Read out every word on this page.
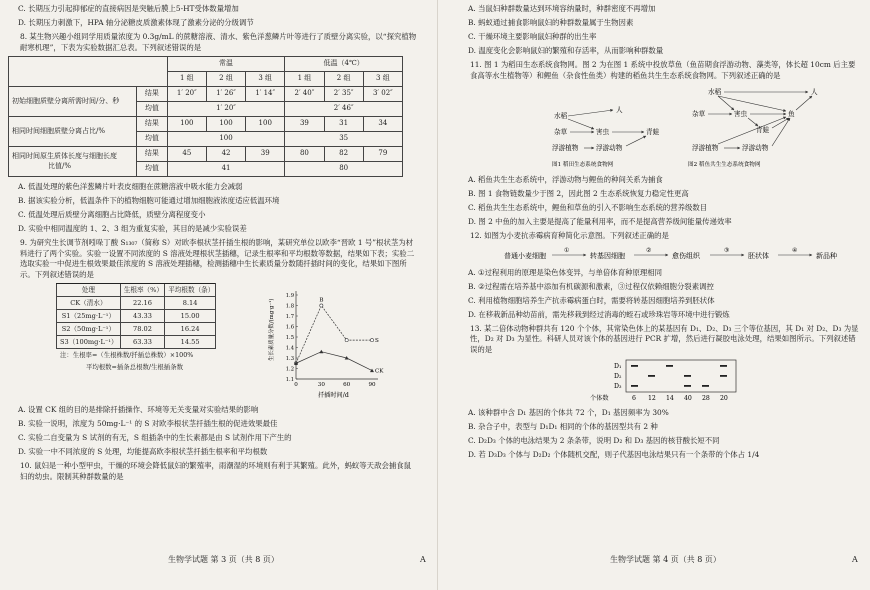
C. 长期压力引起抑郁症的直接病因是突触后膜上5-HT受体数量增加

D. 长期压力刺激下，HPA 轴分泌糖皮质激素体现了激素分泌的分级调节

8. 某生物兴趣小组同学用质量浓度为 0.3g/mL 的蔗糖溶液、清水、紫色洋葱鳞片叶等进行了质壁分离实验，以“探究植物耐寒机理”，下表为实验数据汇总表。下列叙述错误的是

		常温			低温（4℃）		
		1 组	2 组	3 组	1 组	2 组	3 组
初始细胞质壁分离所需时间/分、秒	结果	1′ 20″	1′ 26″	1′ 14″	2′ 40″	2′ 35″	3′ 02″
	均值	1′ 20″			2′ 46″		
相同时间细胞质壁分离占比/%	结果	100	100	100	39	31	34
	均值	100			35		
相同时间原生质体长度与细胞长度
比值/%	结果	45	42	39	80	82	79
	均值	41			80		

A. 低温处理的紫色洋葱鳞片叶表皮细胞在蔗糖溶液中吸水能力会减弱

B. 据该实验分析，低温条件下的植物细胞可能通过增加细胞液浓度适应低温环境

C. 低温处理后质壁分离细胞占比降低，质壁分离程度变小

D. 实验中相同温度的 1、2、3 组为重复实验，其目的是减少实验误差

9. 为研究生长调节剂吲哚丁酸 S₁₃₀₇（简称 S）对欧李根状茎扦插生根的影响，某研究单位以欧李“晋欧 1 号”根状茎为材料进行了两个实验。实验一设置不同浓度的 S 溶液处理根状茎插穗，记录生根率和平均根数等数据，结果如下表；实验二选取实验一中促进生根效果最佳浓度的 S 溶液处理插穗，检测插穗中生长素质量分数随扦插时间的变化，结果如下图所示。下列叙述错误的是

处理	生根率（%）	平均根数（条）
CK（清水）	22.16	8.14
S1（25mg·L⁻¹）	43.33	15.00
S2（50mg·L⁻¹）	78.02	16.24
S3（100mg·L⁻¹）	63.33	14.55

注：生根率=（生根株数/扦插总株数）×100%

平均根数=插条总根数/生根插条数

生长素质量分数/(mg·g⁻¹)
扦插时间/d
1.9
1.8
1.7
1.6
1.5
1.4
1.3
1.2
1.1
0	30	60	90
S
CK
B

A. 设置 CK 组的目的是排除扦插操作、环境等无关变量对实验结果的影响

B. 实验一说明，浓度为 50mg·L⁻¹ 的 S 对欧李根状茎扦插生根的促进效果最佳

C. 实验二自变量为 S 试剂的有无，S 组插条中的生长素都是由 S 试剂作用下产生的

D. 实验一中不同浓度的 S 处理，均能提高欧李根状茎扦插生根率和平均根数

10. 鼠妇是一种小型甲虫，干燥的环境会降低鼠妇的繁殖率，雨潮湿的环境则有利于其繁殖。此外，蚂蚁等天敌会捕食鼠妇的幼虫。限制其种群数量的是

生物学试题 第 3 页（共 8 页）	A

A. 当鼠妇种群数量达到环境容纳量时，种群密度不再增加

B. 蚂蚁通过捕食影响鼠妇的种群数量属于生物因素

C. 干燥环境主要影响鼠妇种群的出生率

D. 温度变化会影响鼠妇的繁殖和存活率，从而影响种群数量

11. 图 1 为稻田生态系统食物网。图 2 为在图 1 系统中投放草鱼（鱼苗期食浮游动物、藻类等，体长超 10cm 后主要食高等水生植物等）和鲤鱼（杂食性鱼类）构建的稻鱼共生生态系统食物网。下列叙述正确的是

水稻
人
杂草	害虫	青蛙
浮游植物	浮游动物
图1 稻田生态系统食物网
水稻	人
杂草	害虫	鱼
青蛙
浮游植物	浮游动物
图2 稻鱼共生生态系统食物网

A. 稻鱼共生生态系统中，浮游动物与鲤鱼的种间关系为捕食

B. 图 1 食物链数量少于图 2，因此图 2 生态系统恢复力稳定性更高

C. 稻鱼共生生态系统中，鲤鱼和草鱼的引入不影响生态系统的营养级数目

D. 图 2 中鱼的加入主要是提高了能量利用率，而不是提高营养级间能量传递效率

12. 如图为小麦抗赤霉病育种简化示意图。下列叙述正确的是

普通小麦细胞
①
转基因细胞
②
愈伤组织
③
胚状体
④
新品种

A. ①过程利用的原理是染色体变异，与单倍体育种原理相同

B. ②过程需在培养基中添加有机碳源和激素，③过程仅依赖细胞分裂素调控

C. 利用植物细胞培养生产抗赤霉病蛋白时，需要将转基因细胞培养到胚状体

D. 在移栽新品种幼苗前，需先移栽到经过消毒的蛭石或珍珠岩等环境中进行锻炼

13. 某二倍体动物种群共有 120 个个体，其常染色体上的某基因有 D₁、D₂、D₃ 三个等位基因，其 D₁ 对 D₂、D₃ 为显性，D₂ 对 D₃ 为显性。科研人员对该个体的基因进行 PCR 扩增，然后进行凝胶电泳处理，结果如图所示。下列叙述错误的是

D₁
D₂
D₃
个体数	6 12 14 40 28 20

A. 该种群中含 D₁ 基因的个体共 72 个，D₁ 基因频率为 30%

B. 杂合子中，表型与 D₁D₁ 相同的个体的基因型共有 2 种

C. D₂D₃ 个体的电泳结果为 2 条条带，说明 D₂ 和 D₃ 基因的核苷酸长短不同

D. 若 D₃D₃ 个体与 D₂D₂ 个体随机交配，则子代基因电泳结果只有一个条带的个体占 1/4

生物学试题 第 4 页（共 8 页）	A
